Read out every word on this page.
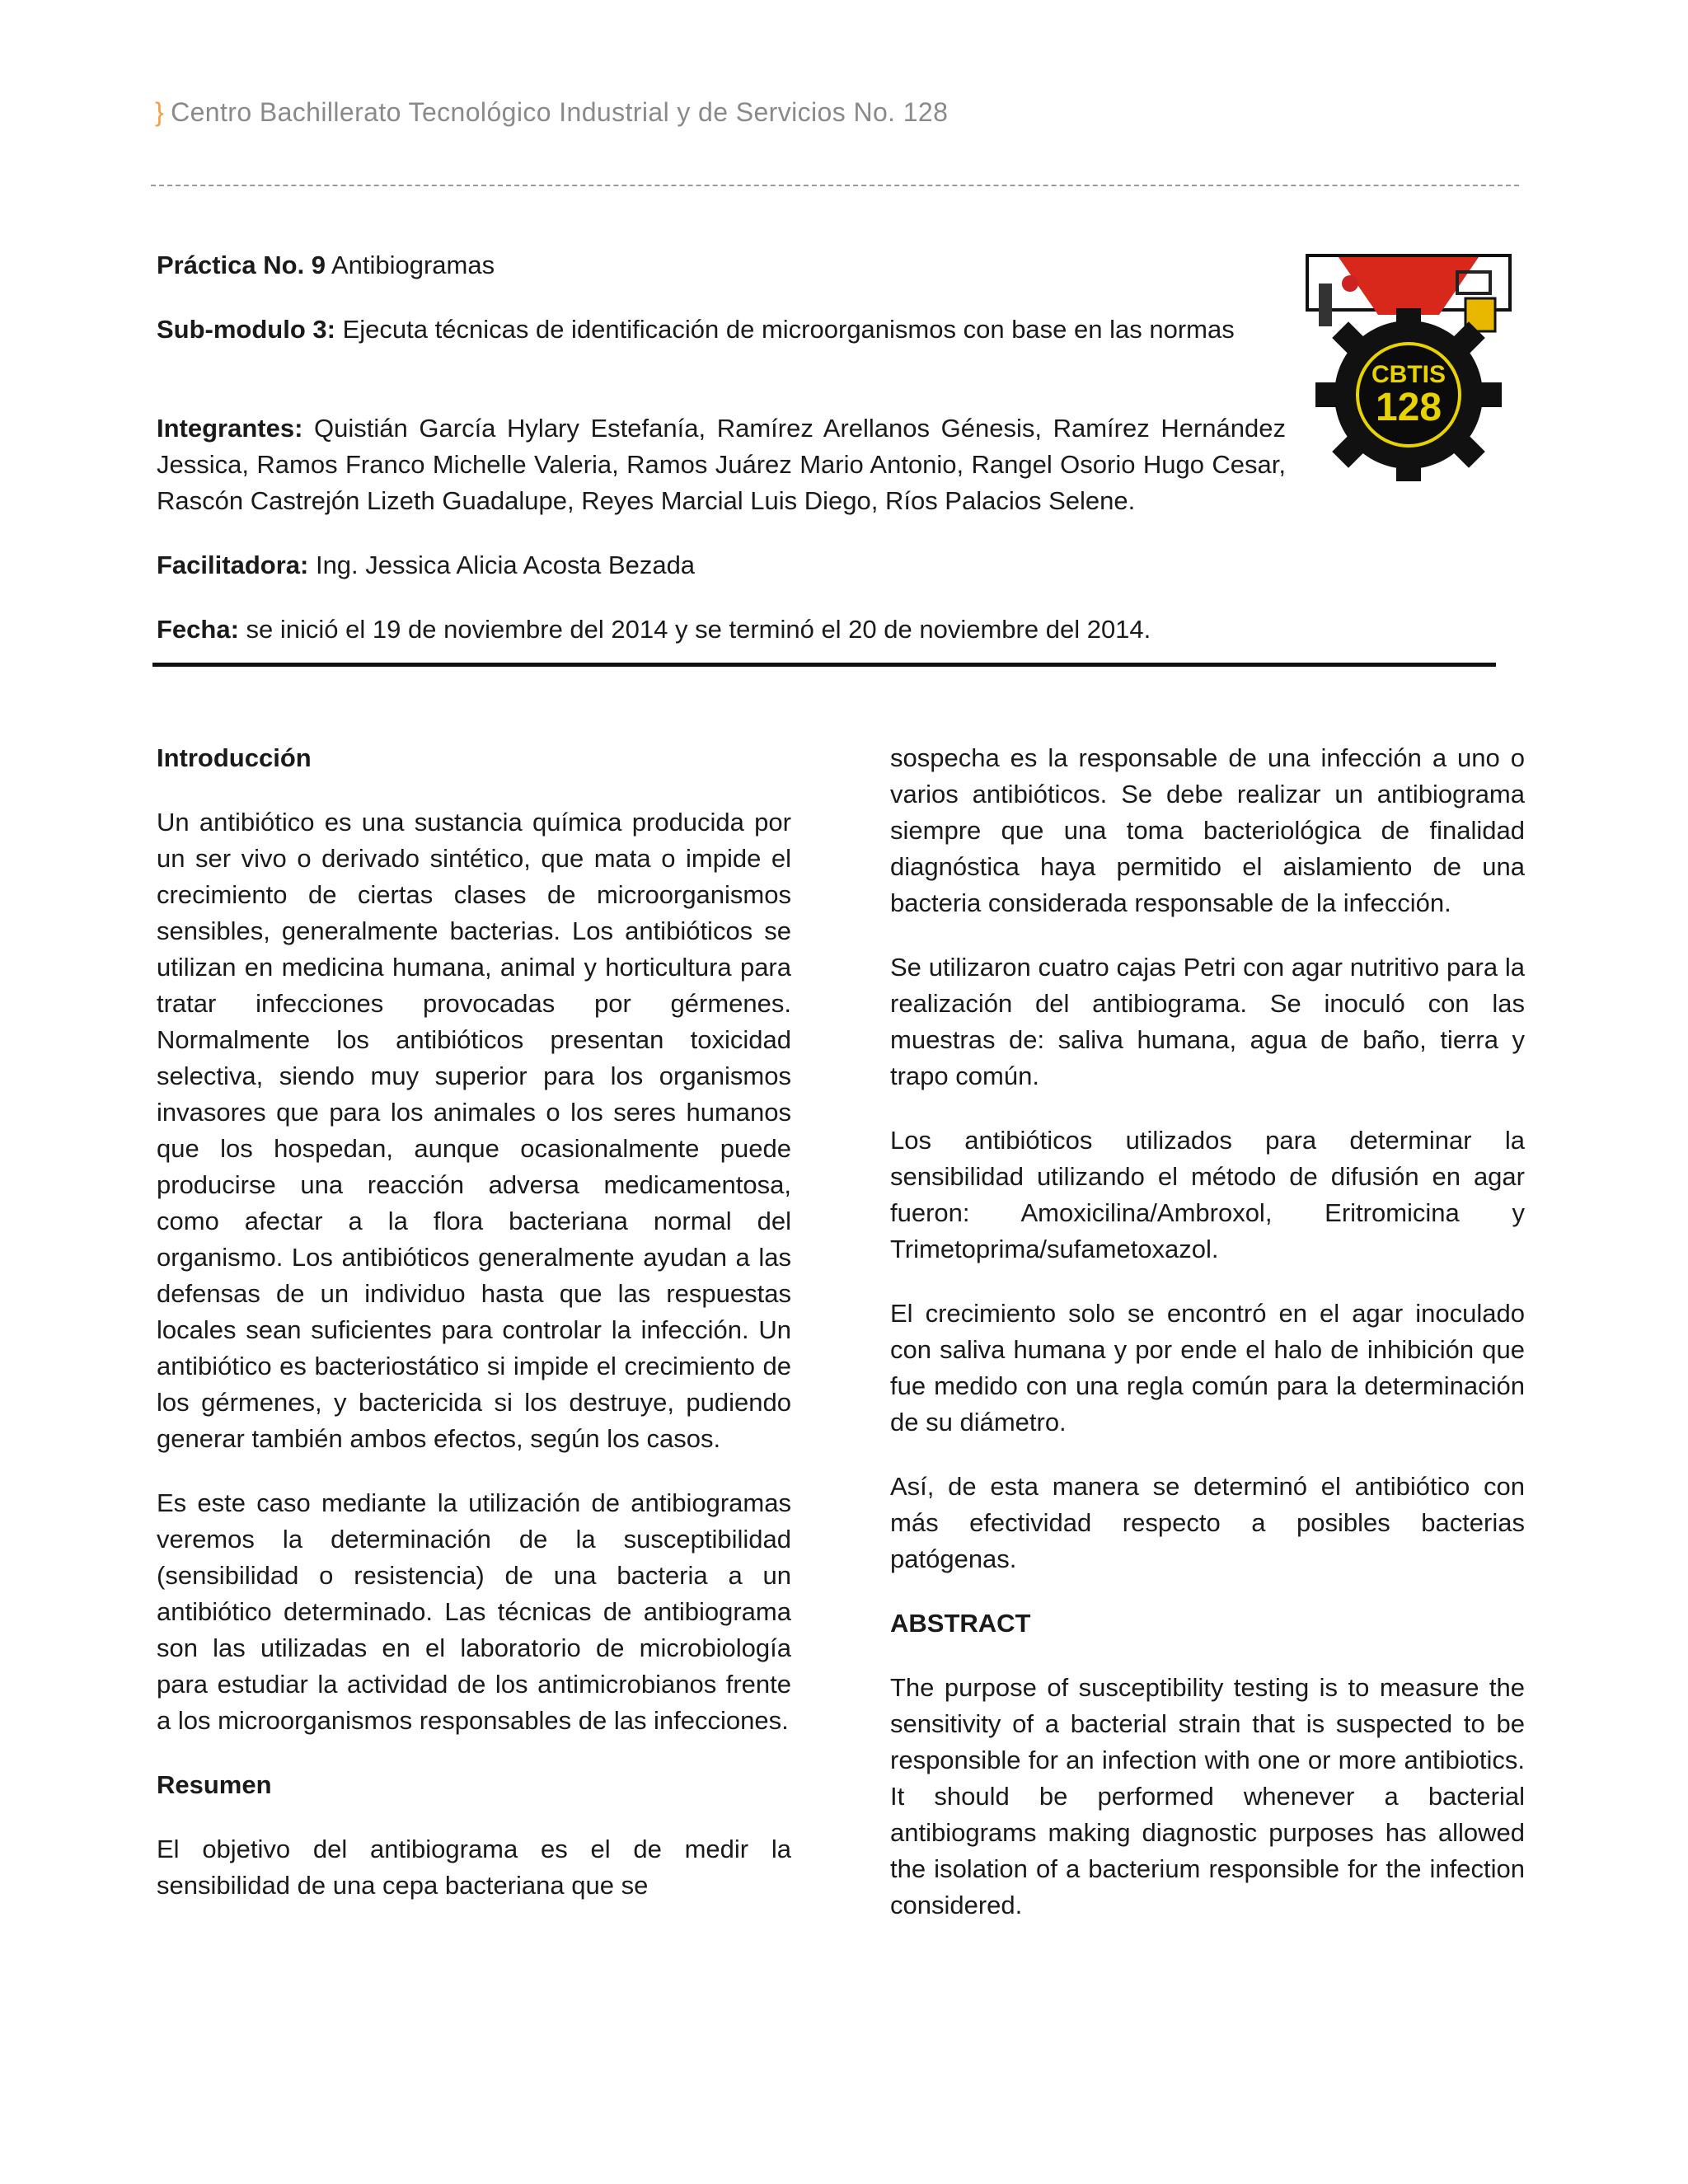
} Centro Bachillerato Tecnológico Industrial y de Servicios No. 128
CBTIS
128
Práctica No. 9 Antibiogramas
Sub-modulo 3: Ejecuta técnicas de identificación de microorganismos con base en las normas
Integrantes: Quistián García Hylary Estefanía, Ramírez Arellanos Génesis, Ramírez Hernández Jessica, Ramos Franco Michelle Valeria, Ramos Juárez Mario Antonio, Rangel Osorio Hugo Cesar, Rascón Castrejón Lizeth Guadalupe, Reyes Marcial Luis Diego, Ríos Palacios Selene.
Facilitadora: Ing. Jessica Alicia Acosta Bezada
Fecha: se inició el 19 de noviembre del 2014 y se terminó el 20 de noviembre del 2014.
Introducción

Un antibiótico es una sustancia química producida por un ser vivo o derivado sintético, que mata o impide el crecimiento de ciertas clases de microorganismos sensibles, generalmente bacterias. Los antibióticos se utilizan en medicina humana, animal y horticultura para tratar infecciones provocadas por gérmenes. Normalmente los antibióticos presentan toxicidad selectiva, siendo muy superior para los organismos invasores que para los animales o los seres humanos que los hospedan, aunque ocasionalmente puede producirse una reacción adversa medicamentosa, como afectar a la flora bacteriana normal del organismo. Los antibióticos generalmente ayudan a las defensas de un individuo hasta que las respuestas locales sean suficientes para controlar la infección. Un antibiótico es bacteriostático si impide el crecimiento de los gérmenes, y bactericida si los destruye, pudiendo generar también ambos efectos, según los casos.

Es este caso mediante la utilización de antibiogramas veremos la determinación de la susceptibilidad (sensibilidad o resistencia) de una bacteria a un antibiótico determinado. Las técnicas de antibiograma son las utilizadas en el laboratorio de microbiología para estudiar la actividad de los antimicrobianos frente a los microorganismos responsables de las infecciones.

Resumen

El objetivo del antibiograma es el de medir la sensibilidad de una cepa bacteriana que se

sospecha es la responsable de una infección a uno o varios antibióticos. Se debe realizar un antibiograma siempre que una toma bacteriológica de finalidad diagnóstica haya permitido el aislamiento de una bacteria considerada responsable de la infección.

Se utilizaron cuatro cajas Petri con agar nutritivo para la realización del antibiograma. Se inoculó con las muestras de: saliva humana, agua de baño, tierra y trapo común.

Los antibióticos utilizados para determinar la sensibilidad utilizando el método de difusión en agar fueron: Amoxicilina/Ambroxol, Eritromicina y Trimetoprima/sufametoxazol.

El crecimiento solo se encontró en el agar inoculado con saliva humana y por ende el halo de inhibición que fue medido con una regla común para la determinación de su diámetro.

Así, de esta manera se determinó el antibiótico con más efectividad respecto a posibles bacterias patógenas.

ABSTRACT

The purpose of susceptibility testing is to measure the sensitivity of a bacterial strain that is suspected to be responsible for an infection with one or more antibiotics. It should be performed whenever a bacterial antibiograms making diagnostic purposes has allowed the isolation of a bacterium responsible for the infection considered.
